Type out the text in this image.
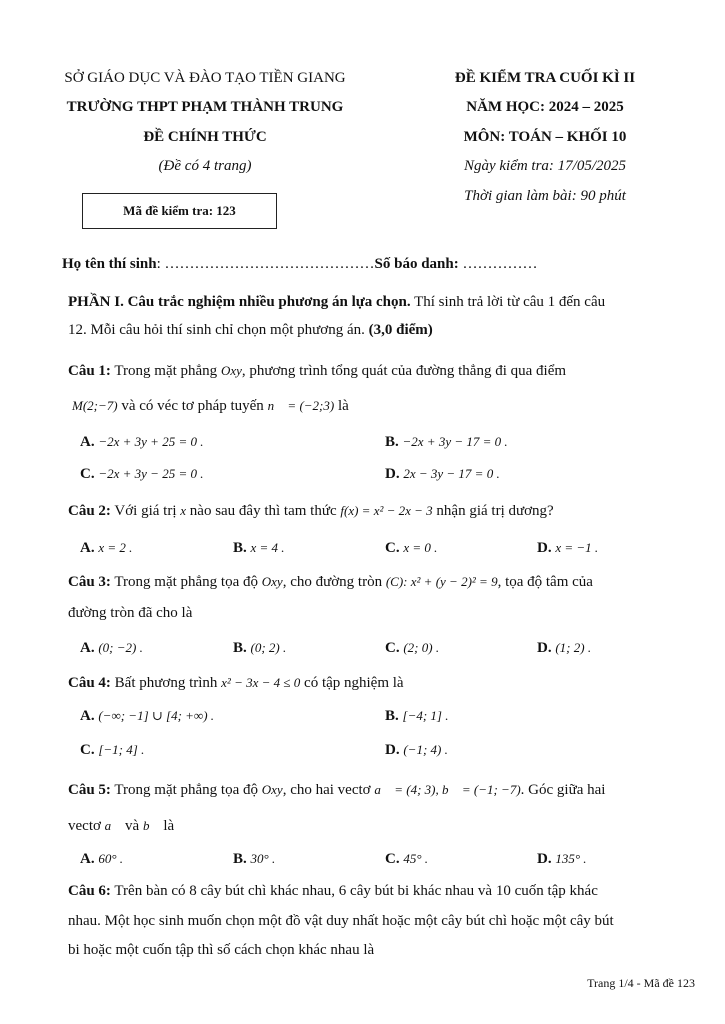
SỞ GIÁO DỤC VÀ ĐÀO TẠO TIỀN GIANG
TRƯỜNG THPT PHẠM THÀNH TRUNG
ĐỀ CHÍNH THỨC
(Đề có 4 trang)
Mã đề kiểm tra: 123
ĐỀ KIỂM TRA CUỐI KÌ II
NĂM HỌC: 2024 – 2025
MÔN: TOÁN – KHỐI 10
Ngày kiểm tra: 17/05/2025
Thời gian làm bài: 90 phút
Họ tên thí sinh: ……………………………………Số báo danh: ……………
PHẦN I. Câu trắc nghiệm nhiều phương án lựa chọn. Thí sinh trả lời từ câu 1 đến câu
12. Mỗi câu hỏi thí sinh chỉ chọn một phương án. (3,0 điểm)
Câu 1: Trong mặt phẳng Oxy, phương trình tổng quát của đường thẳng đi qua điểm
M(2;−7) và có véc tơ pháp tuyến n⃗ = (−2;3) là
A. −2x + 3y + 25 = 0 .	B. −2x + 3y − 17 = 0 .
C. −2x + 3y − 25 = 0 .	D. 2x − 3y − 17 = 0 .
Câu 2: Với giá trị x nào sau đây thì tam thức f(x) = x² − 2x − 3 nhận giá trị dương?
A. x = 2 .	B. x = 4 .	C. x = 0 .	D. x = −1 .
Câu 3: Trong mặt phẳng tọa độ Oxy, cho đường tròn (C): x² + (y − 2)² = 9, tọa độ tâm của
đường tròn đã cho là
A. (0; −2) .	B. (0; 2) .	C. (2; 0) .	D. (1; 2) .
Câu 4: Bất phương trình x² − 3x − 4 ≤ 0 có tập nghiệm là
A. (−∞; −1] ∪ [4; +∞) .	B. [−4; 1] .
C. [−1; 4] .	D. (−1; 4) .
Câu 5: Trong mặt phẳng tọa độ Oxy, cho hai vectơ a⃗ = (4; 3), b⃗ = (−1; −7). Góc giữa hai
vectơ a⃗ và b⃗ là
A. 60° .	B. 30° .	C. 45° .	D. 135° .
Câu 6: Trên bàn có 8 cây bút chì khác nhau, 6 cây bút bi khác nhau và 10 cuốn tập khác
nhau. Một học sinh muốn chọn một đồ vật duy nhất hoặc một cây bút chì hoặc một cây bút
bi hoặc một cuốn tập thì số cách chọn khác nhau là
Trang 1/4 - Mã đề 123
